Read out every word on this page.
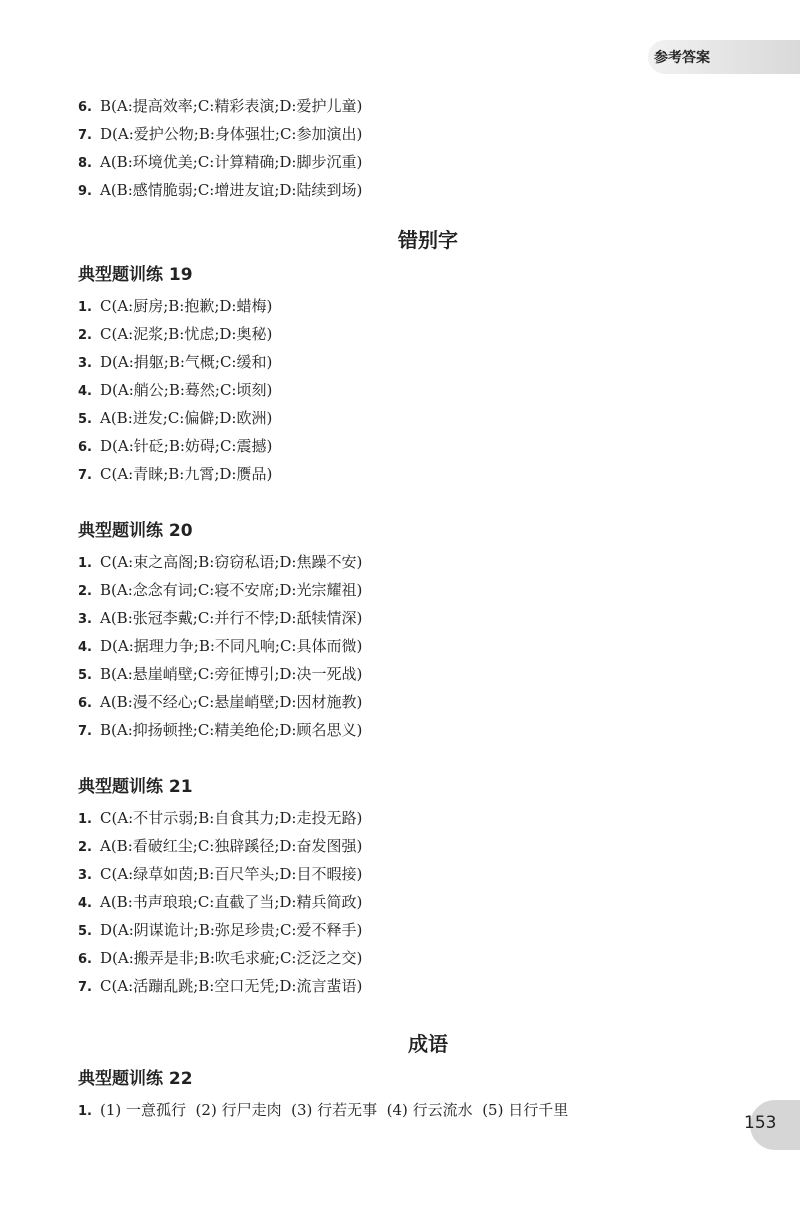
参考答案
6. B(A:提高效率;C:精彩表演;D:爱护儿童)
7. D(A:爱护公物;B:身体强壮;C:参加演出)
8. A(B:环境优美;C:计算精确;D:脚步沉重)
9. A(B:感情脆弱;C:增进友谊;D:陆续到场)
错别字
典型题训练 19
1. C(A:厨房;B:抱歉;D:蜡梅)
2. C(A:泥浆;B:忧虑;D:奥秘)
3. D(A:捐躯;B:气概;C:缓和)
4. D(A:艄公;B:蓦然;C:顷刻)
5. A(B:迸发;C:偏僻;D:欧洲)
6. D(A:针砭;B:妨碍;C:震撼)
7. C(A:青睐;B:九霄;D:赝品)
典型题训练 20
1. C(A:束之高阁;B:窃窃私语;D:焦躁不安)
2. B(A:念念有词;C:寝不安席;D:光宗耀祖)
3. A(B:张冠李戴;C:并行不悖;D:舐犊情深)
4. D(A:据理力争;B:不同凡响;C:具体而微)
5. B(A:悬崖峭壁;C:旁征博引;D:决一死战)
6. A(B:漫不经心;C:悬崖峭壁;D:因材施教)
7. B(A:抑扬顿挫;C:精美绝伦;D:顾名思义)
典型题训练 21
1. C(A:不甘示弱;B:自食其力;D:走投无路)
2. A(B:看破红尘;C:独辟蹊径;D:奋发图强)
3. C(A:绿草如茵;B:百尺竿头;D:目不暇接)
4. A(B:书声琅琅;C:直截了当;D:精兵简政)
5. D(A:阴谋诡计;B:弥足珍贵;C:爱不释手)
6. D(A:搬弄是非;B:吹毛求疵;C:泛泛之交)
7. C(A:活蹦乱跳;B:空口无凭;D:流言蜚语)
成语
典型题训练 22
1. (1) 一意孤行  (2) 行尸走肉  (3) 行若无事  (4) 行云流水  (5) 日行千里
153
